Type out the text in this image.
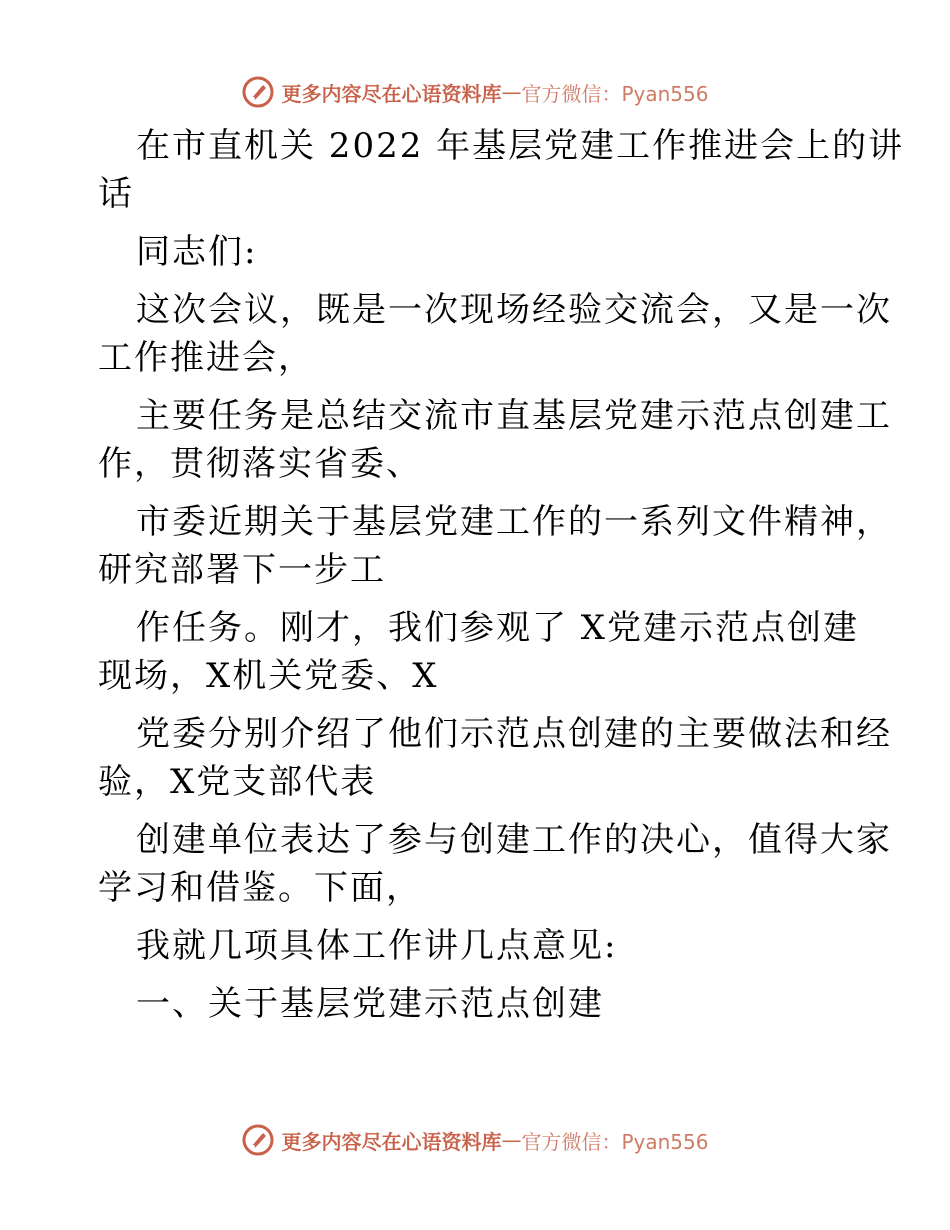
更多内容尽在心语资料库 — 官方微信：Pyan556
在市直机关 2022 年基层党建工作推进会上的讲
话
同志们:
这次会议，既是一次现场经验交流会，又是一次
工作推进会，
主要任务是总结交流市直基层党建示范点创建工
作，贯彻落实省委、
市委近期关于基层党建工作的一系列文件精神，
研究部署下一步工
作任务。刚才，我们参观了 X党建示范点创建
现场，X机关党委、X
党委分别介绍了他们示范点创建的主要做法和经
验，X党支部代表
创建单位表达了参与创建工作的决心，值得大家
学习和借鉴。下面，
我就几项具体工作讲几点意见:
一、关于基层党建示范点创建
更多内容尽在心语资料库 — 官方微信：Pyan556
